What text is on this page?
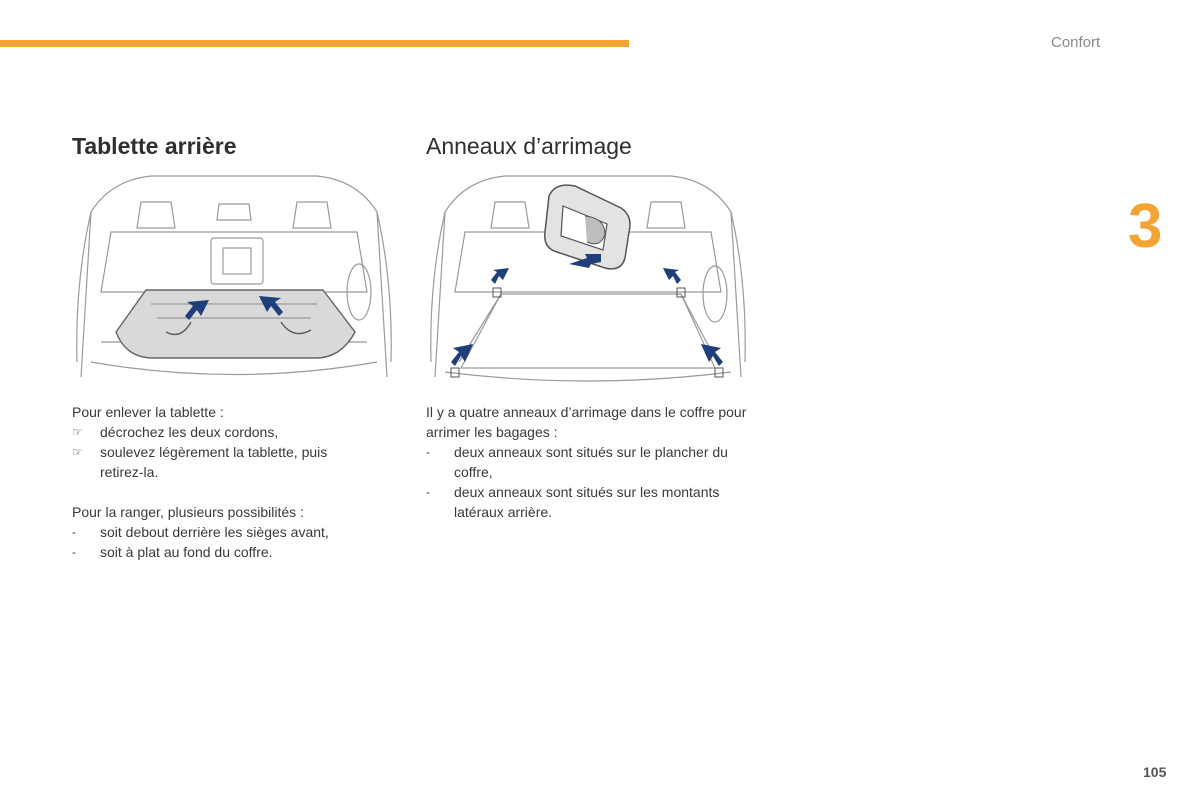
Confort
3
105
Tablette arrière	Anneaux d’arrimage

Pour enlever la tablette :

☞	décrochez les deux cordons,
☞	soulevez légèrement la tablette, puis retirez-la.

Pour la ranger, plusieurs possibilités :

-	soit debout derrière les sièges avant,
-	soit à plat au fond du coffre.

Il y a quatre anneaux d’arrimage dans le coffre pour arrimer les bagages :

-	deux anneaux sont situés sur le plancher du coffre,
-	deux anneaux sont situés sur les montants latéraux arrière.
